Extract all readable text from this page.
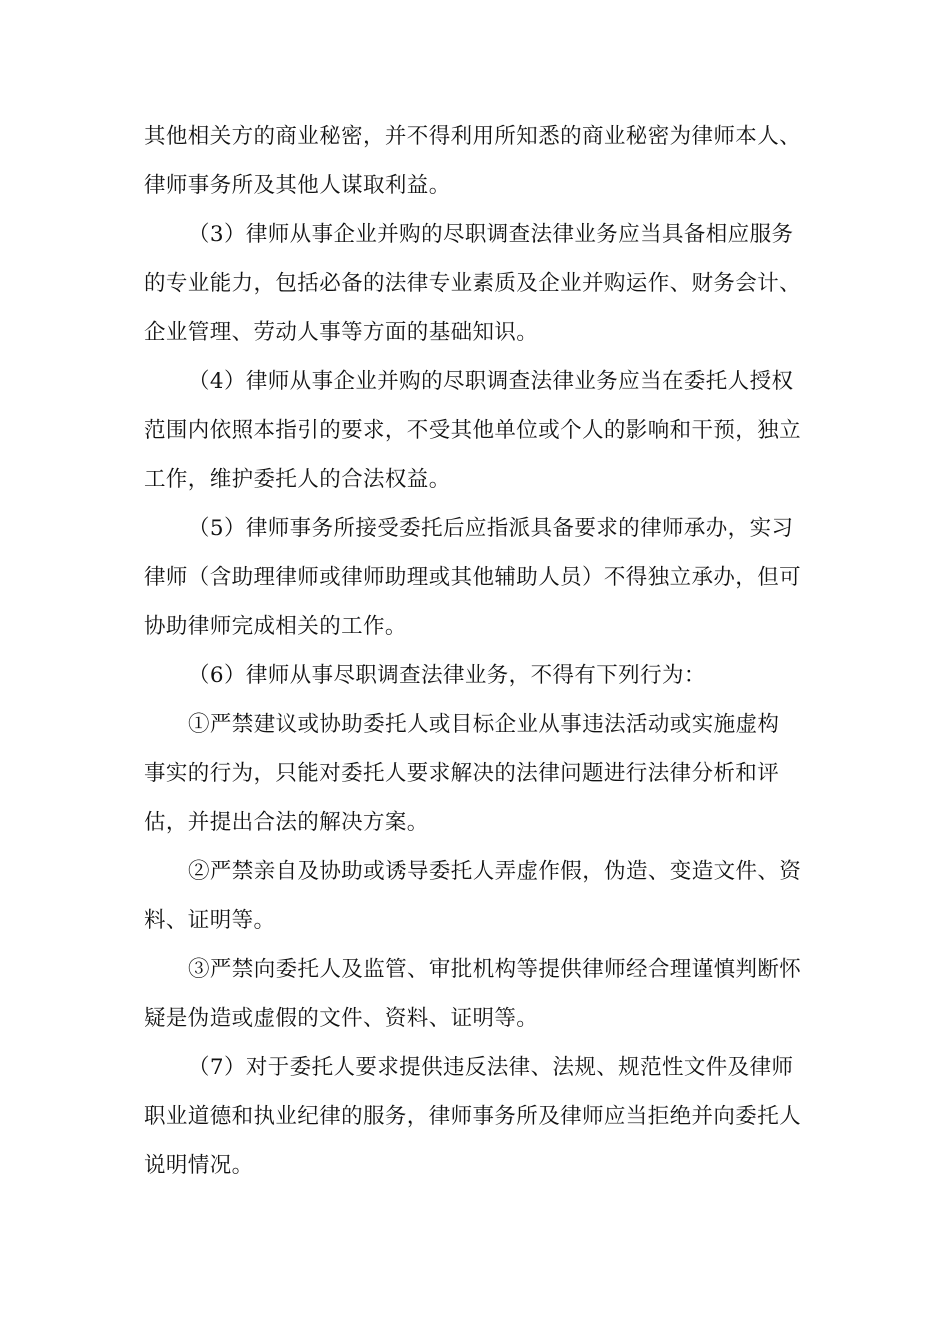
其他相关方的商业秘密，并不得利用所知悉的商业秘密为律师本人、
律师事务所及其他人谋取利益。
（3）律师从事企业并购的尽职调查法律业务应当具备相应服务
的专业能力，包括必备的法律专业素质及企业并购运作、财务会计、
企业管理、劳动人事等方面的基础知识。
（4）律师从事企业并购的尽职调查法律业务应当在委托人授权
范围内依照本指引的要求，不受其他单位或个人的影响和干预，独立
工作，维护委托人的合法权益。
（5）律师事务所接受委托后应指派具备要求的律师承办，实习
律师（含助理律师或律师助理或其他辅助人员）不得独立承办，但可
协助律师完成相关的工作。
（6）律师从事尽职调查法律业务，不得有下列行为：
①严禁建议或协助委托人或目标企业从事违法活动或实施虚构
事实的行为，只能对委托人要求解决的法律问题进行法律分析和评
估，并提出合法的解决方案。
②严禁亲自及协助或诱导委托人弄虚作假，伪造、变造文件、资
料、证明等。
③严禁向委托人及监管、审批机构等提供律师经合理谨慎判断怀
疑是伪造或虚假的文件、资料、证明等。
（7）对于委托人要求提供违反法律、法规、规范性文件及律师
职业道德和执业纪律的服务，律师事务所及律师应当拒绝并向委托人
说明情况。
